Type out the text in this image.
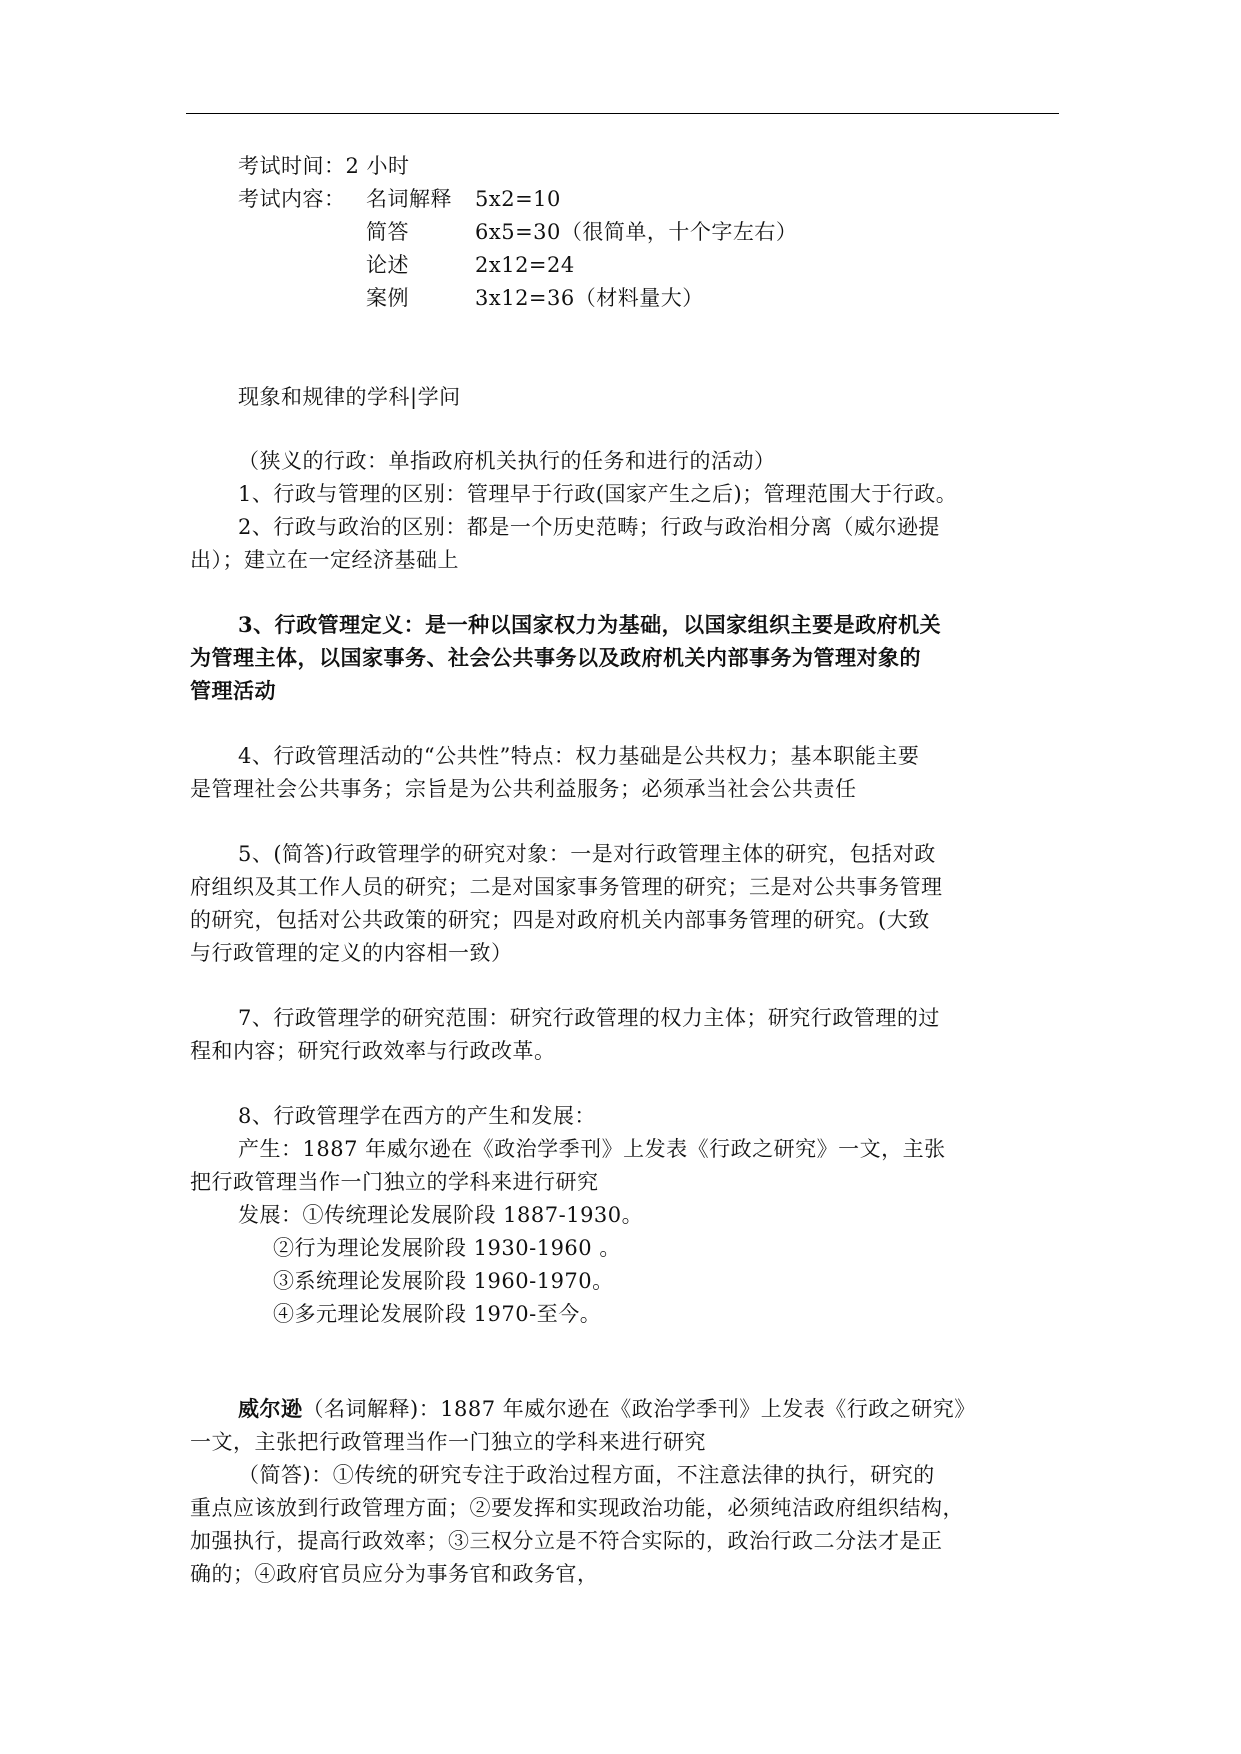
考试时间：2 小时
考试内容： 名词解释 5x2=10
简答	6x5=30（很简单，十个字左右）
论述	2x12=24
案例	3x12=36（材料量大）
现象和规律的学科|学问
（狭义的行政：单指政府机关执行的任务和进行的活动）
1、行政与管理的区别：管理早于行政(国家产生之后)；管理范围大于行政。
2、行政与政治的区别：都是一个历史范畴；行政与政治相分离（威尔逊提
出）；建立在一定经济基础上
3、行政管理定义：是一种以国家权力为基础，以国家组织主要是政府机关
为管理主体，以国家事务、社会公共事务以及政府机关内部事务为管理对象的
管理活动
4、行政管理活动的“公共性”特点：权力基础是公共权力；基本职能主要
是管理社会公共事务；宗旨是为公共利益服务；必须承当社会公共责任
5、(简答)行政管理学的研究对象：一是对行政管理主体的研究，包括对政
府组织及其工作人员的研究；二是对国家事务管理的研究；三是对公共事务管理
的研究，包括对公共政策的研究；四是对政府机关内部事务管理的研究。(大致
与行政管理的定义的内容相一致）
7、行政管理学的研究范围：研究行政管理的权力主体；研究行政管理的过
程和内容；研究行政效率与行政改革。
8、行政管理学在西方的产生和发展：
产生：1887 年威尔逊在《政治学季刊》上发表《行政之研究》一文，主张
把行政管理当作一门独立的学科来进行研究
发展：①传统理论发展阶段 1887-1930。
②行为理论发展阶段 1930-1960 。
③系统理论发展阶段 1960-1970。
④多元理论发展阶段 1970-至今。
威尔逊（名词解释)：1887 年威尔逊在《政治学季刊》上发表《行政之研究》
一文，主张把行政管理当作一门独立的学科来进行研究
（简答)：①传统的研究专注于政治过程方面，不注意法律的执行，研究的
重点应该放到行政管理方面；②要发挥和实现政治功能，必须纯洁政府组织结构，
加强执行，提高行政效率；③三权分立是不符合实际的，政治行政二分法才是正
确的；④政府官员应分为事务官和政务官，
